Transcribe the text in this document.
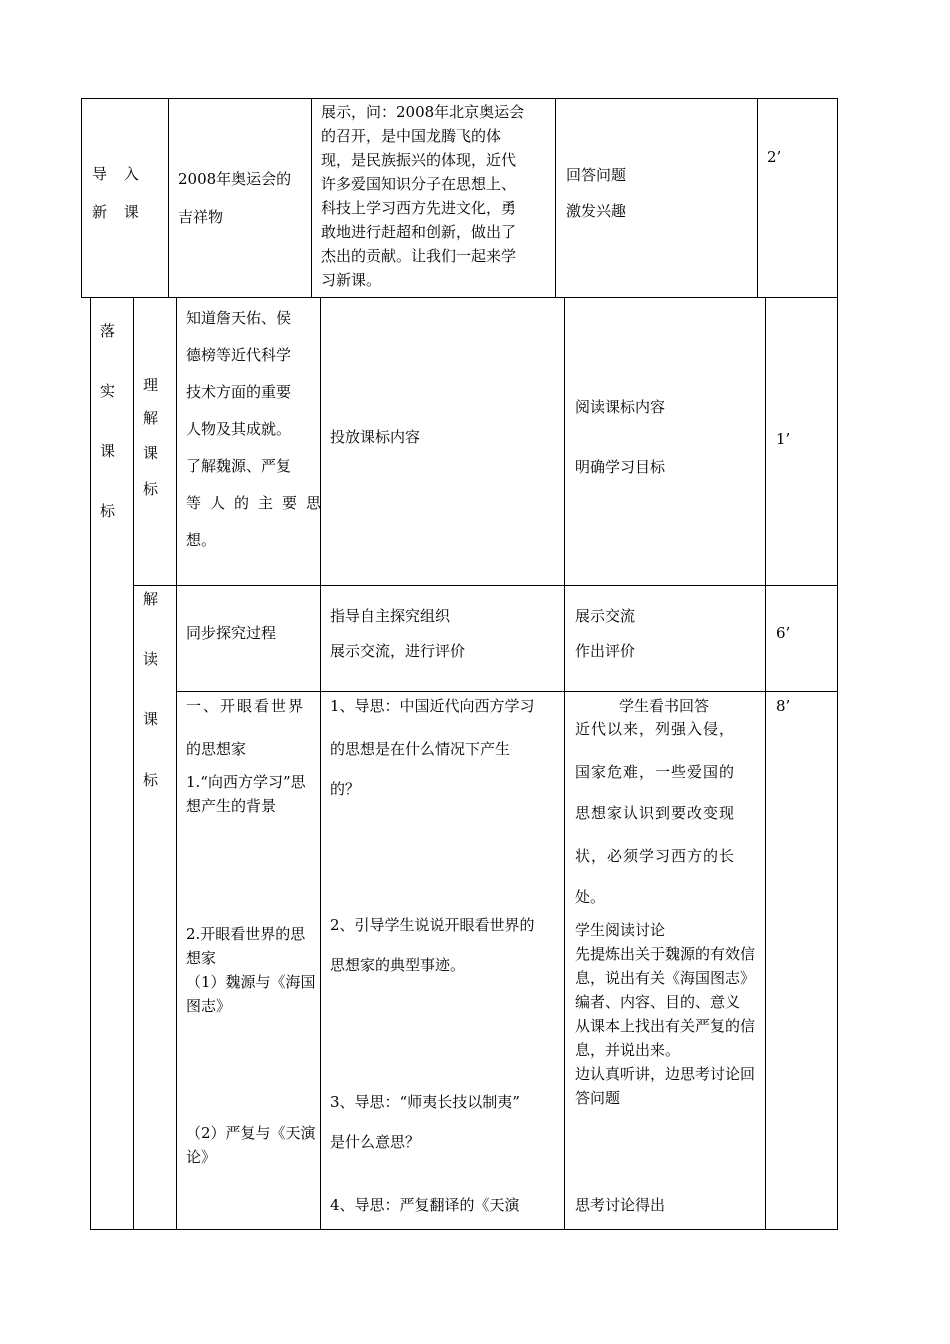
导 入
新 课
2008年奥运会的吉祥物
展示，问：2008年北京奥运会
的召开，是中国龙腾飞的体
现，是民族振兴的体现，近代
许多爱国知识分子在思想上、
科技上学习西方先进文化，勇
敢地进行赶超和创新，做出了
杰出的贡献。让我们一起来学
习新课。
回答问题
激发兴趣
2’
落
实
课
标
理
解
课
标
知道詹天佑、侯
德榜等近代科学
技术方面的重要
人物及其成就。
了解魏源、严复
等人的主要思
想。
投放课标内容
阅读课标内容
明确学习目标
1’
解
读
课
标
同步探究过程
指导自主探究组织
展示交流，进行评价
展示交流
作出评价
6’
一、开眼看世界
的思想家
1.“向西方学习”思想产生的背景
2.开眼看世界的思想家
（1）魏源与《海国图志》
（2）严复与《天演论》
1、导思：中国近代向西方学习
的思想是在什么情况下产生
的？
2、引导学生说说开眼看世界的
思想家的典型事迹。
3、导思：“师夷长技以制夷”
是什么意思？
4、导思：严复翻译的《天演
学生看书回答
近代以来，列强入侵，
国家危难，一些爱国的
思想家认识到要改变现
状，必须学习西方的长
处。
学生阅读讨论
先提炼出关于魏源的有效信息，说出有关《海国图志》编者、内容、目的、意义
从课本上找出有关严复的信息，并说出来。
边认真听讲，边思考讨论回答问题
思考讨论得出
8’
